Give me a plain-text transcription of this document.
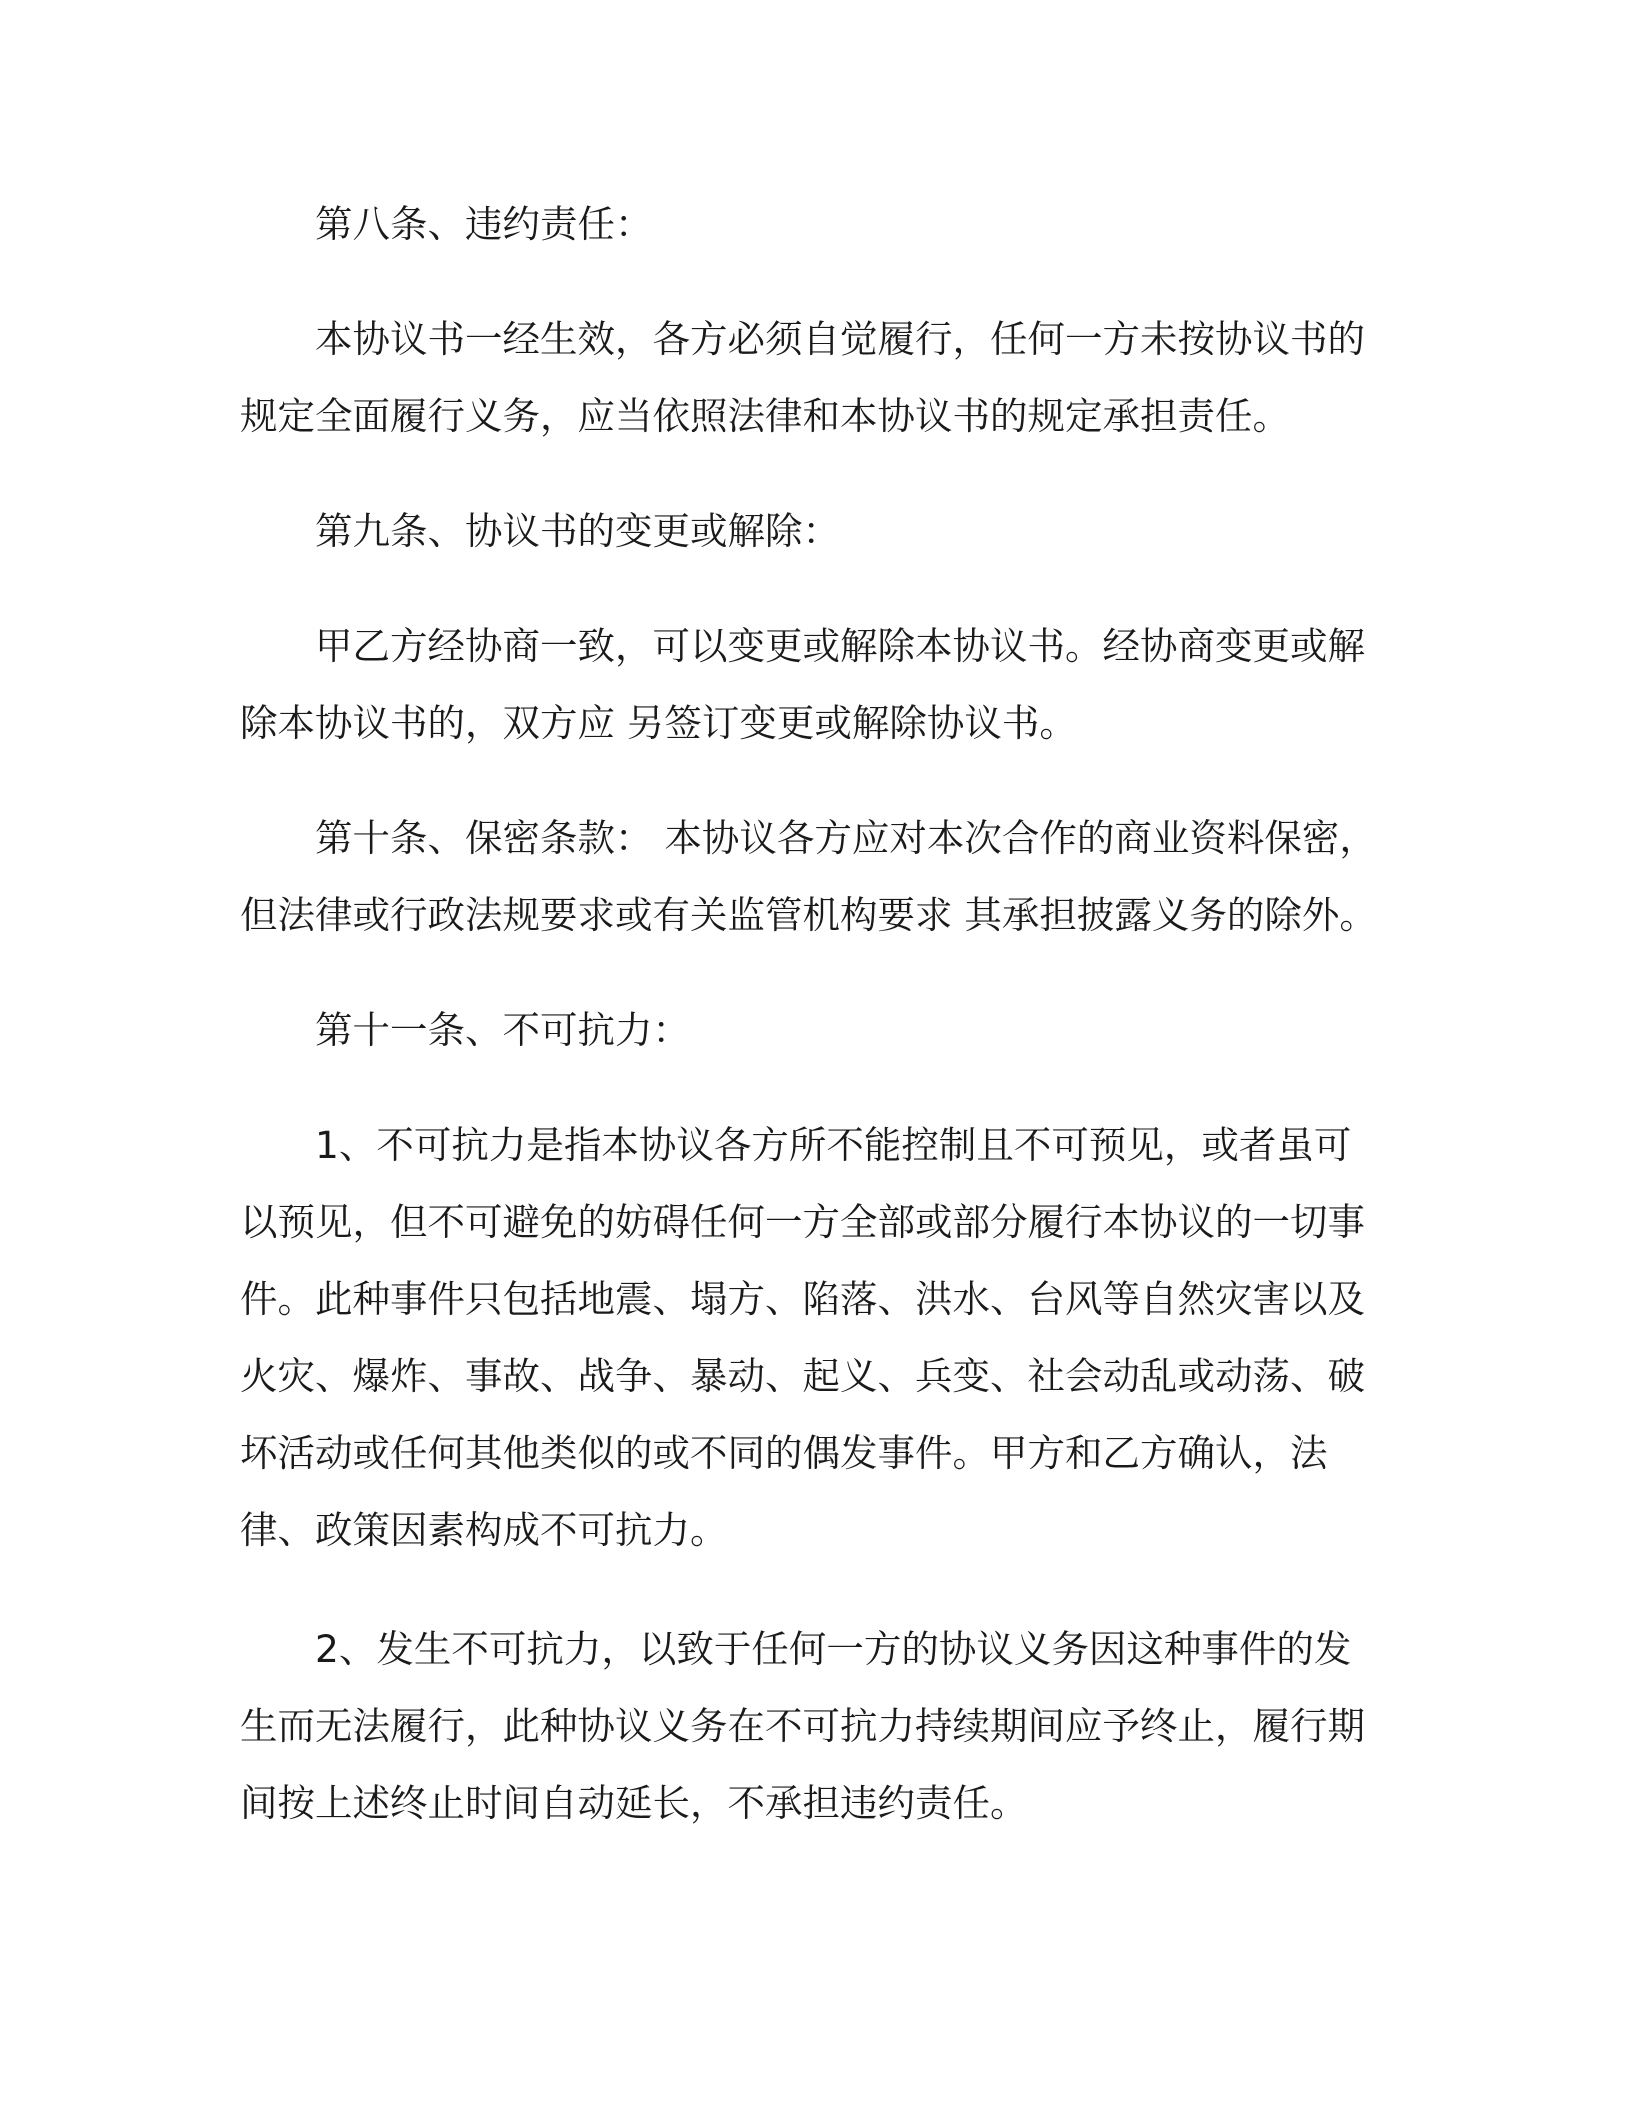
第八条、违约责任：

本协议书一经生效，各方必须自觉履行，任何一方未按协议书的规定全面履行义务，应当依照法律和本协议书的规定承担责任。

第九条、协议书的变更或解除：

甲乙方经协商一致，可以变更或解除本协议书。经协商变更或解除本协议书的，双方应 另签订变更或解除协议书。

第十条、保密条款： 本协议各方应对本次合作的商业资料保密，但法律或行政法规要求或有关监管机构要求 其承担披露义务的除外。

第十一条、不可抗力：

1、不可抗力是指本协议各方所不能控制且不可预见，或者虽可以预见，但不可避免的妨碍任何一方全部或部分履行本协议的一切事件。此种事件只包括地震、塌方、陷落、洪水、台风等自然灾害以及火灾、爆炸、事故、战争、暴动、起义、兵变、社会动乱或动荡、破坏活动或任何其他类似的或不同的偶发事件。甲方和乙方确认，法律、政策因素构成不可抗力。

2、发生不可抗力，以致于任何一方的协议义务因这种事件的发生而无法履行，此种协议义务在不可抗力持续期间应予终止，履行期间按上述终止时间自动延长，不承担违约责任。
